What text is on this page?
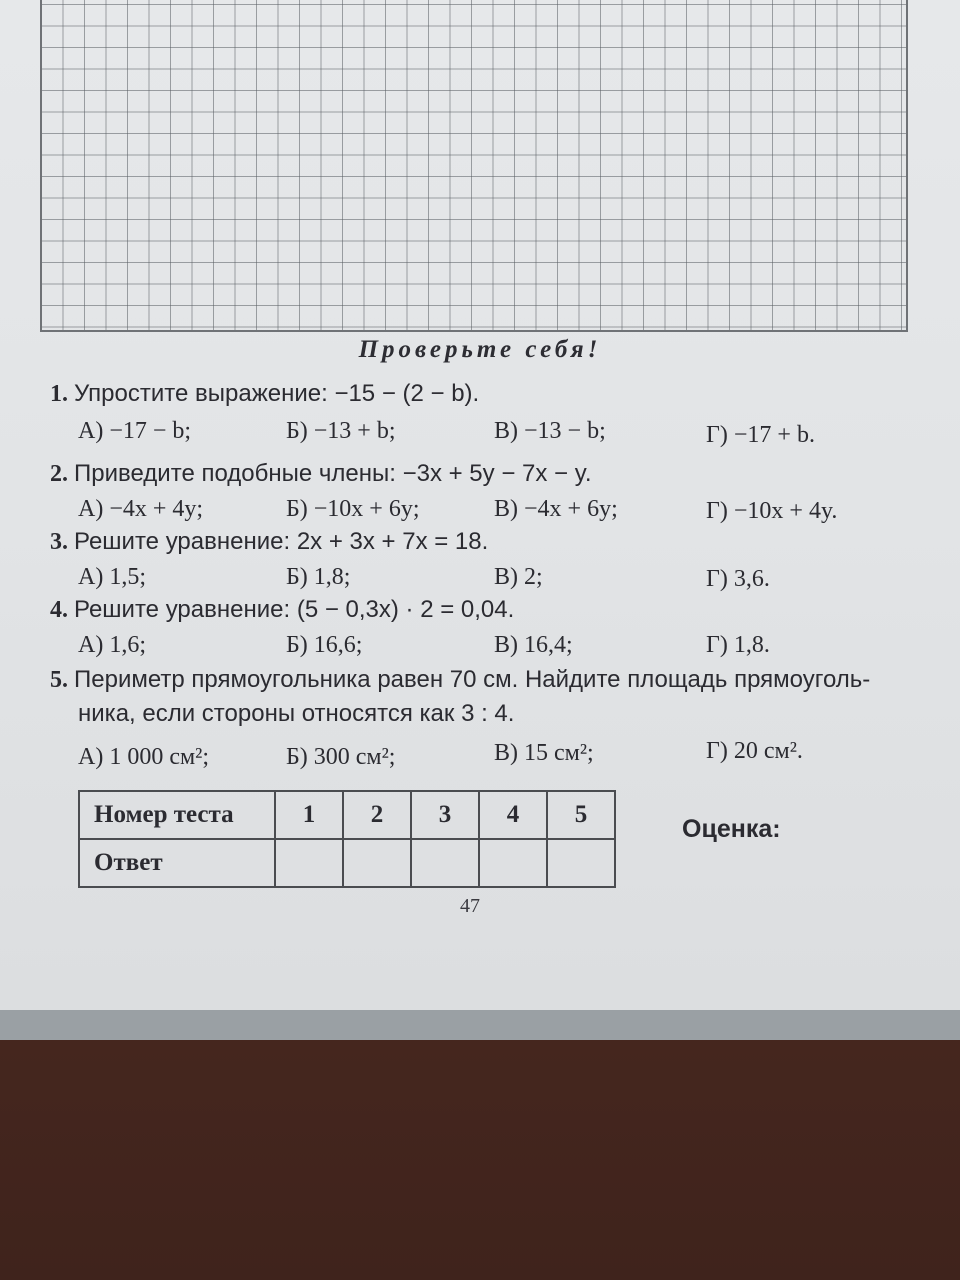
Проверьте себя!
1. Упростите выражение: −15 − (2 − b).
А) −17 − b;	Б) −13 + b;	В) −13 − b;	Г) −17 + b.
2. Приведите подобные члены: −3x + 5y − 7x − y.
А) −4x + 4y;	Б) −10x + 6y;	В) −4x + 6y;	Г) −10x + 4y.
3. Решите уравнение: 2x + 3x + 7x = 18.
А) 1,5;	Б) 1,8;	В) 2;	Г) 3,6.
4. Решите уравнение: (5 − 0,3x) · 2 = 0,04.
А) 1,6;	Б) 16,6;	В) 16,4;	Г) 1,8.
5. Периметр прямоугольника равен 70 см. Найдите площадь прямоуголь-
ника, если стороны относятся как 3 : 4.
А) 1 000 см²;	Б) 300 см²;	В) 15 см²;	Г) 20 см².
Номер теста	1	2	3	4	5
Ответ					
Оценка:
47
